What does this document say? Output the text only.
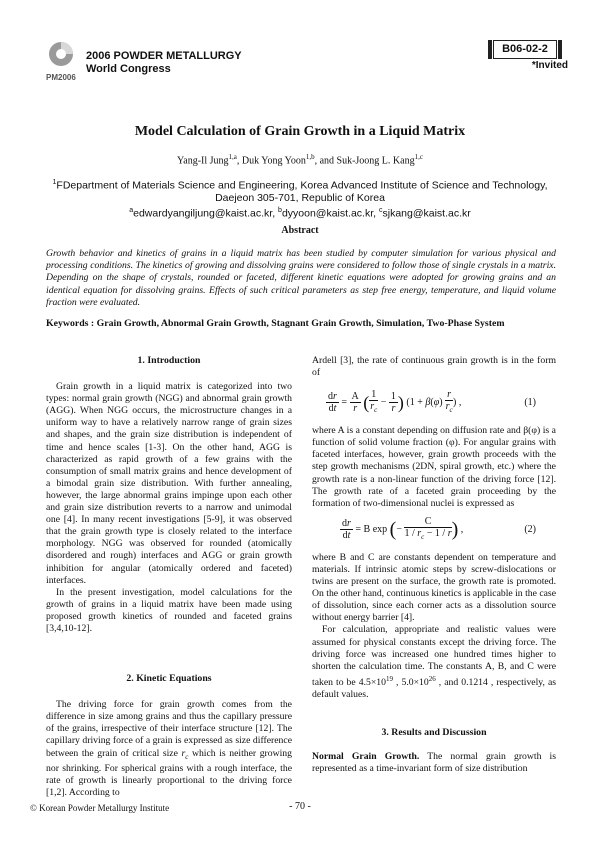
PM2006
2006 POWDER METALLURGY
World Congress
B06-02-2
*Invited
Model Calculation of Grain Growth in a Liquid Matrix
Yang-Il Jung$^{1,a}$, Duk Yong Yoon$^{1,b}$, and Suk-Joong L. Kang$^{1,c}$
$^1$FDepartment of Materials Science and Engineering, Korea Advanced Institute of Science and Technology,
Daejeon 305-701, Republic of Korea
$^a$edwardyangiljung@kaist.ac.kr, $^b$dyyoon@kaist.ac.kr, $^c$sjkang@kaist.ac.kr
Abstract
Growth behavior and kinetics of grains in a liquid matrix has been studied by computer simulation for various physical and processing conditions. The kinetics of growing and dissolving grains were considered to follow those of single crystals in a matrix. Depending on the shape of crystals, rounded or faceted, different kinetic equations were adopted for growing grains and an identical equation for dissolving grains. Effects of such critical parameters as step free energy, temperature, and liquid volume fraction were evaluated.
Keywords : Grain Growth, Abnormal Grain Growth, Stagnant Grain Growth, Simulation, Two-Phase System
1. Introduction

Grain growth in a liquid matrix is categorized into two types: normal grain growth (NGG) and abnormal grain growth (AGG). When NGG occurs, the microstructure changes in a uniform way to have a relatively narrow range of grain sizes and shapes, and the grain size distribution is independent of time and hence scales [1-3]. On the other hand, AGG is characterized as rapid growth of a few grains with the consumption of small matrix grains and hence development of a bimodal grain size distribution. With further annealing, however, the large abnormal grains impinge upon each other and grain size distribution reverts to a narrow and unimodal one [4]. In many recent investigations [5-9], it was observed that the grain growth type is closely related to the interface morphology. NGG was observed for rounded (atomically disordered and rough) interfaces and AGG or grain growth inhibition for angular (atomically ordered and faceted) interfaces.

In the present investigation, model calculations for the growth of grains in a liquid matrix have been made using proposed growth kinetics of rounded and faceted grains [3,4,10-12].

2. Kinetic Equations

The driving force for grain growth comes from the difference in size among grains and thus the capillary pressure of the grains, irrespective of their interface structure [12]. The capillary driving force of a grain is expressed as size difference between the grain of critical size $r_c$ which is neither growing nor shrinking. For spherical grains with a rough interface, the rate of growth is linearly proportional to the driving force [1,2]. According to

Ardell [3], the rate of continuous grain growth is in the form of

$\frac{dr}{dt} = \frac{A}{r}$ ( $\frac{1}{r_c} - \frac{1}{r}$ ) ($1 + \beta(\varphi) \frac{r}{r_c}$ ) ,	(1)

where A is a constant depending on diffusion rate and β(φ) is a function of solid volume fraction (φ). For angular grains with faceted interfaces, however, grain growth proceeds with the step growth mechanisms (2DN, spiral growth, etc.) where the growth rate is a non-linear function of the driving force [12]. The growth rate of a faceted grain proceeding by the formation of two-dimensional nuclei is expressed as

$\frac{dr}{dt} = B$ exp (− $\frac{C}{1 / r_c - 1 / r}$ ) ,	(2)

where B and C are constants dependent on temperature and materials. If intrinsic atomic steps by screw-dislocations or twins are present on the surface, the growth rate is promoted. On the other hand, continuous kinetics is applicable in the case of dissolution, since each corner acts as a dissolution source without energy barrier [4].

For calculation, appropriate and realistic values were assumed for physical constants except the driving force. The driving force was increased one hundred times higher to shorten the calculation time. The constants A, B, and C were taken to be $4.5\times 10^{19}$ , $5.0\times 10^{26}$ , and 0.1214 , respectively, as default values.

3. Results and Discussion

Normal Grain Growth. The normal grain growth is represented as a time-invariant form of size distribution

© Korean Powder Metallurgy Institute	- 70 -
